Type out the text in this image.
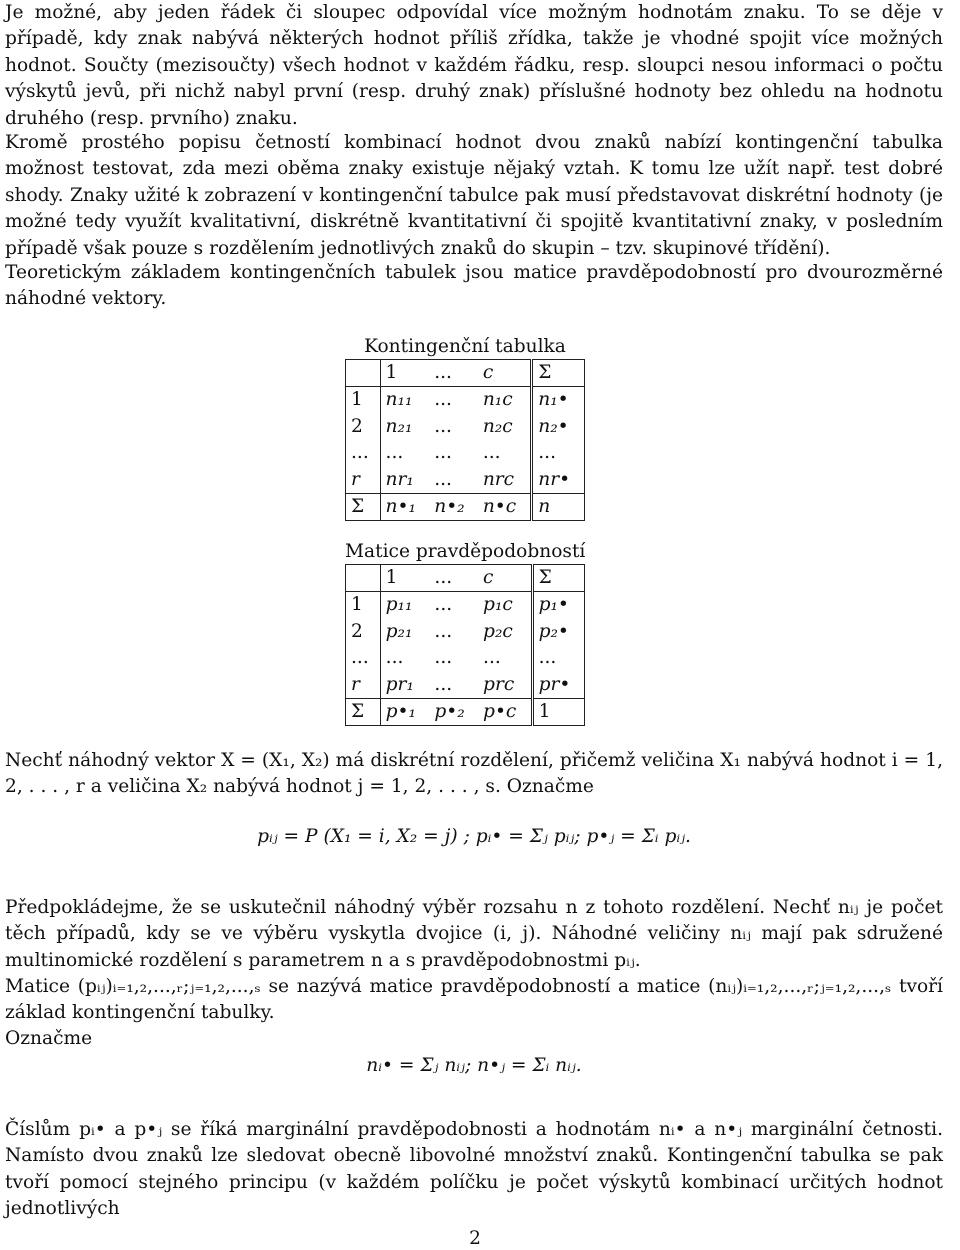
Je možné, aby jeden řádek či sloupec odpovídal více možným hodnotám znaku. To se děje v případě, kdy znak nabývá některých hodnot příliš zřídka, takže je vhodné spojit více možných hodnot. Součty (mezisoučty) všech hodnot v každém řádku, resp. sloupci nesou informaci o počtu výskytů jevů, při nichž nabyl první (resp. druhý znak) příslušné hodnoty bez ohledu na hodnotu druhého (resp. prvního) znaku.

Kromě prostého popisu četností kombinací hodnot dvou znaků nabízí kontingenční tabulka možnost testovat, zda mezi oběma znaky existuje nějaký vztah. K tomu lze užít např. test dobré shody. Znaky užité k zobrazení v kontingenční tabulce pak musí představovat diskrétní hodnoty (je možné tedy využít kvalitativní, diskrétně kvantitativní či spojitě kvantitativní znaky, v posledním případě však pouze s rozdělením jednotlivých znaků do skupin – tzv. skupinové třídění).

Teoretickým základem kontingenčních tabulek jsou matice pravděpodobností pro dvourozměrné náhodné vektory.

Kontingenční tabulka
	1	...	c	Σ
1	n₁₁	...	n₁c	n₁•
2	n₂₁	...	n₂c	n₂•
...	...	...	...	...
r	nr₁	...	nrc	nr•
Σ	n•₁	n•₂	n•c	n
Matice pravděpodobností
	1	...	c	Σ
1	p₁₁	...	p₁c	p₁•
2	p₂₁	...	p₂c	p₂•
...	...	...	...	...
r	pr₁	...	prc	pr•
Σ	p•₁	p•₂	p•c	1

Nechť náhodný vektor X = (X₁, X₂) má diskrétní rozdělení, přičemž veličina X₁ nabývá hodnot i = 1, 2, . . . , r a veličina X₂ nabývá hodnot j = 1, 2, . . . , s. Označme

pᵢⱼ = P (X₁ = i, X₂ = j) ; pᵢ• = Σⱼ pᵢⱼ; p•ⱼ = Σᵢ pᵢⱼ.

Předpokládejme, že se uskutečnil náhodný výběr rozsahu n z tohoto rozdělení. Nechť nᵢⱼ je počet těch případů, kdy se ve výběru vyskytla dvojice (i, j). Náhodné veličiny nᵢⱼ mají pak sdružené multinomické rozdělení s parametrem n a s pravděpodobnostmi pᵢⱼ.

Matice (pᵢⱼ)ᵢ₌₁,₂,...,ᵣ;ⱼ₌₁,₂,...,ₛ se nazývá matice pravděpodobností a matice (nᵢⱼ)ᵢ₌₁,₂,...,ᵣ;ⱼ₌₁,₂,...,ₛ tvoří základ kontingenční tabulky.

Označme

nᵢ• = Σⱼ nᵢⱼ; n•ⱼ = Σᵢ nᵢⱼ.

Číslům pᵢ• a p•ⱼ se říká marginální pravděpodobnosti a hodnotám nᵢ• a n•ⱼ marginální četnosti. Namísto dvou znaků lze sledovat obecně libovolné množství znaků. Kontingenční tabulka se pak tvoří pomocí stejného principu (v každém políčku je počet výskytů kombinací určitých hodnot jednotlivých

2
